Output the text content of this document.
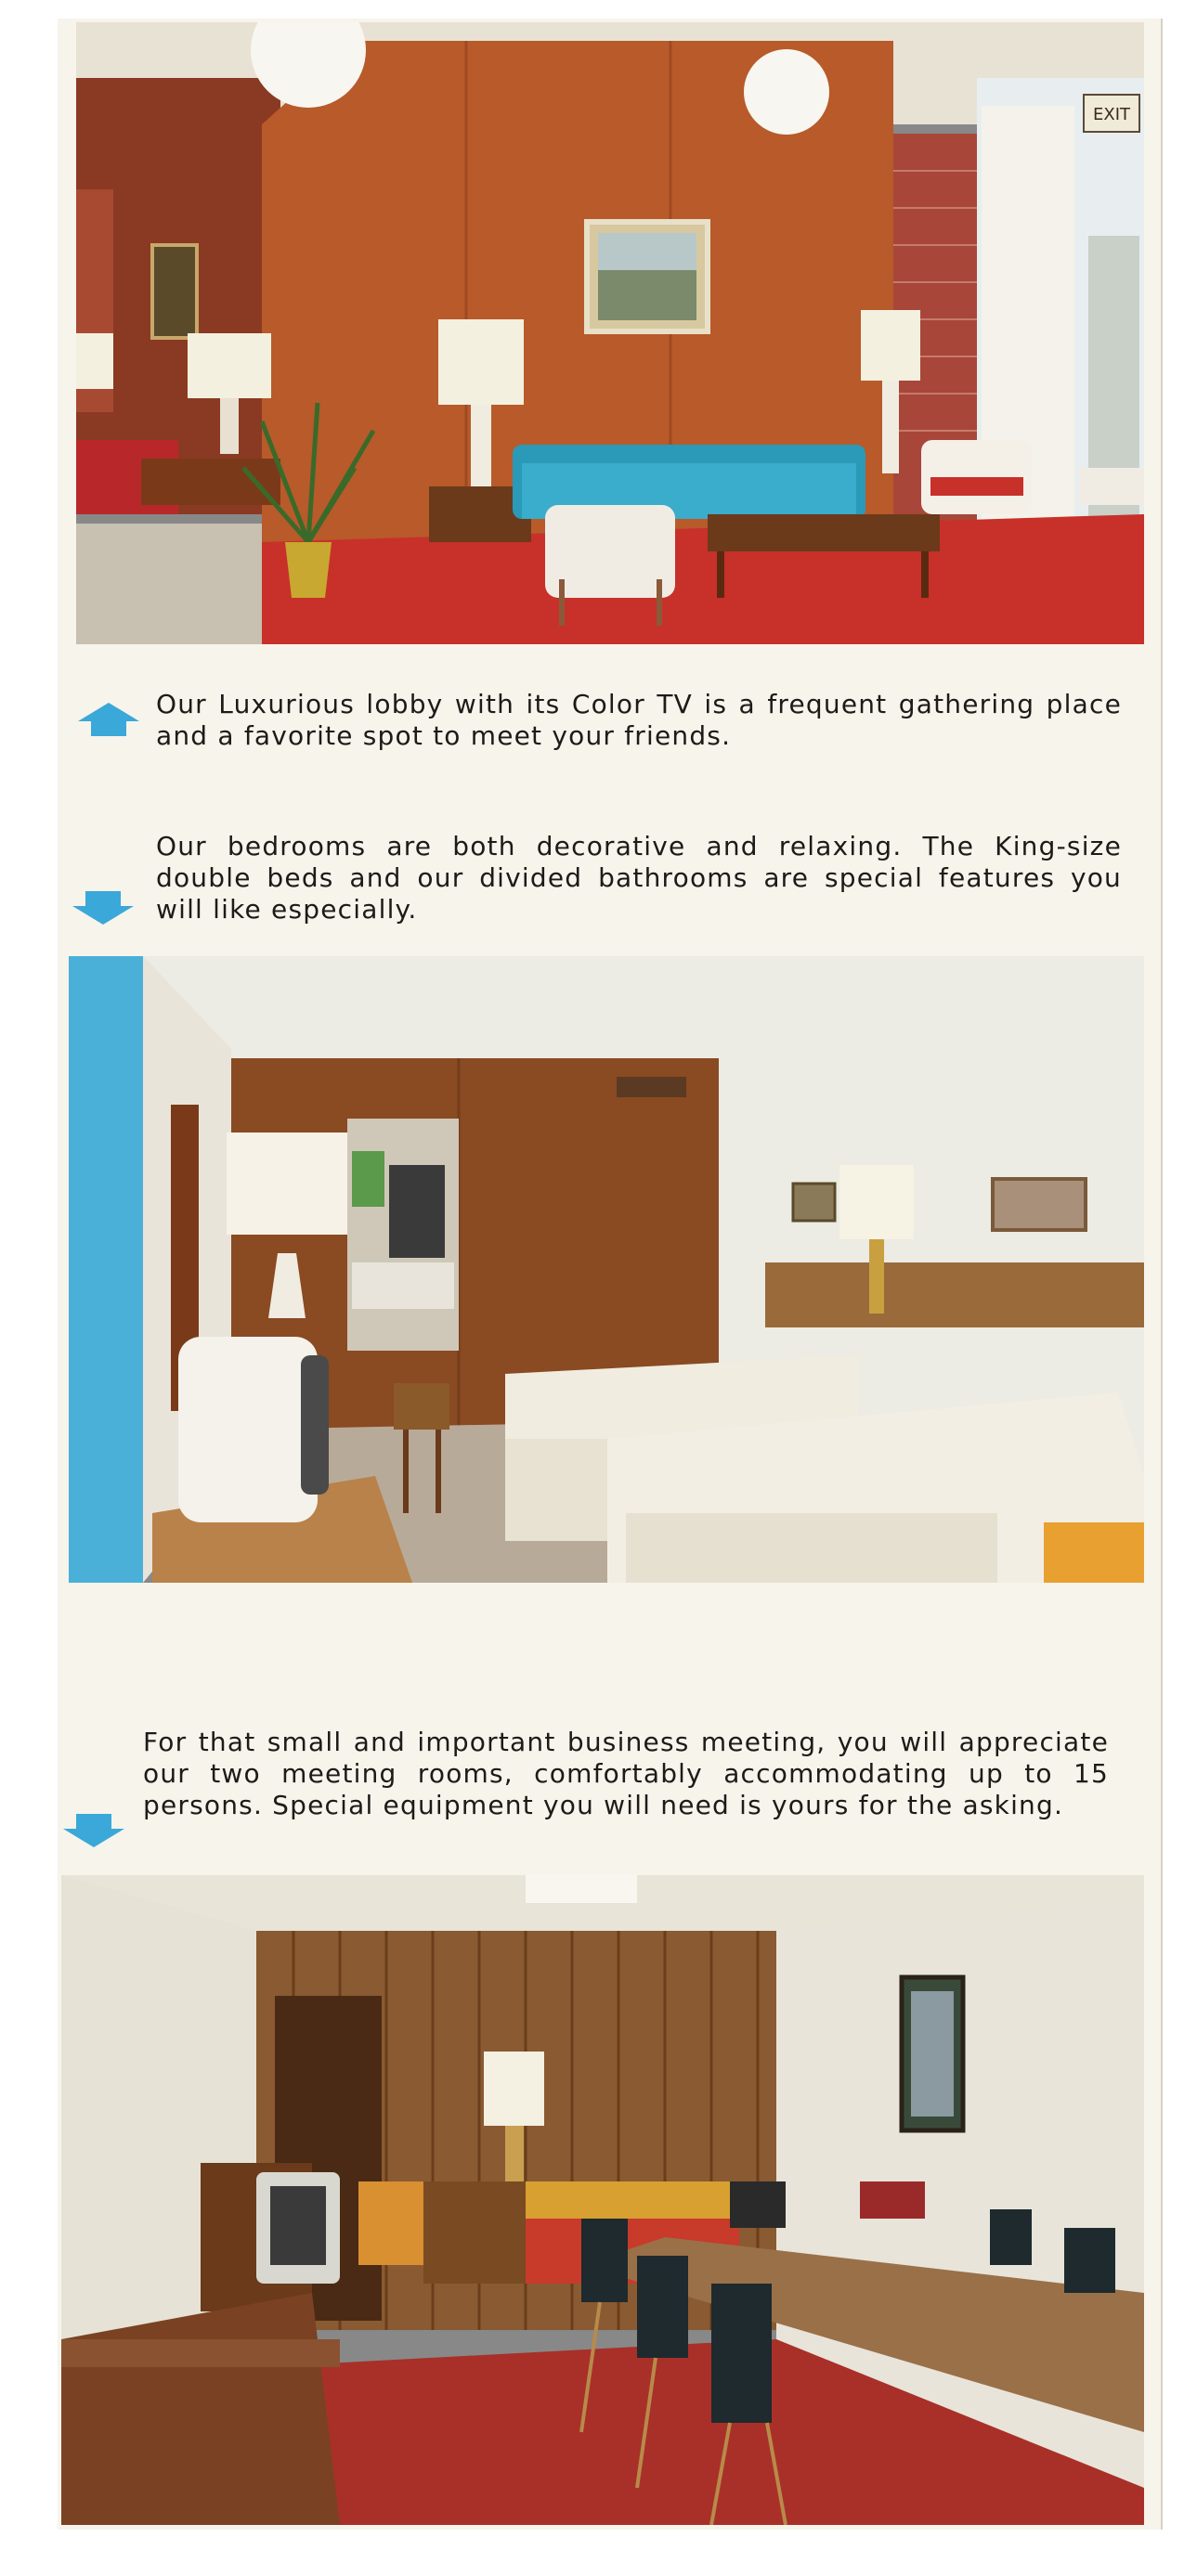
EXIT
Our Luxurious lobby with its Color TV is a frequent gathering place and a favorite spot to meet your friends.
Our bedrooms are both decorative and relaxing. The King-size double beds and our divided bathrooms are special features you will like especially.
For that small and important business meeting, you will appreciate our two meeting rooms, comfortably accommodating up to 15 persons. Special equipment you will need is yours for the asking.
